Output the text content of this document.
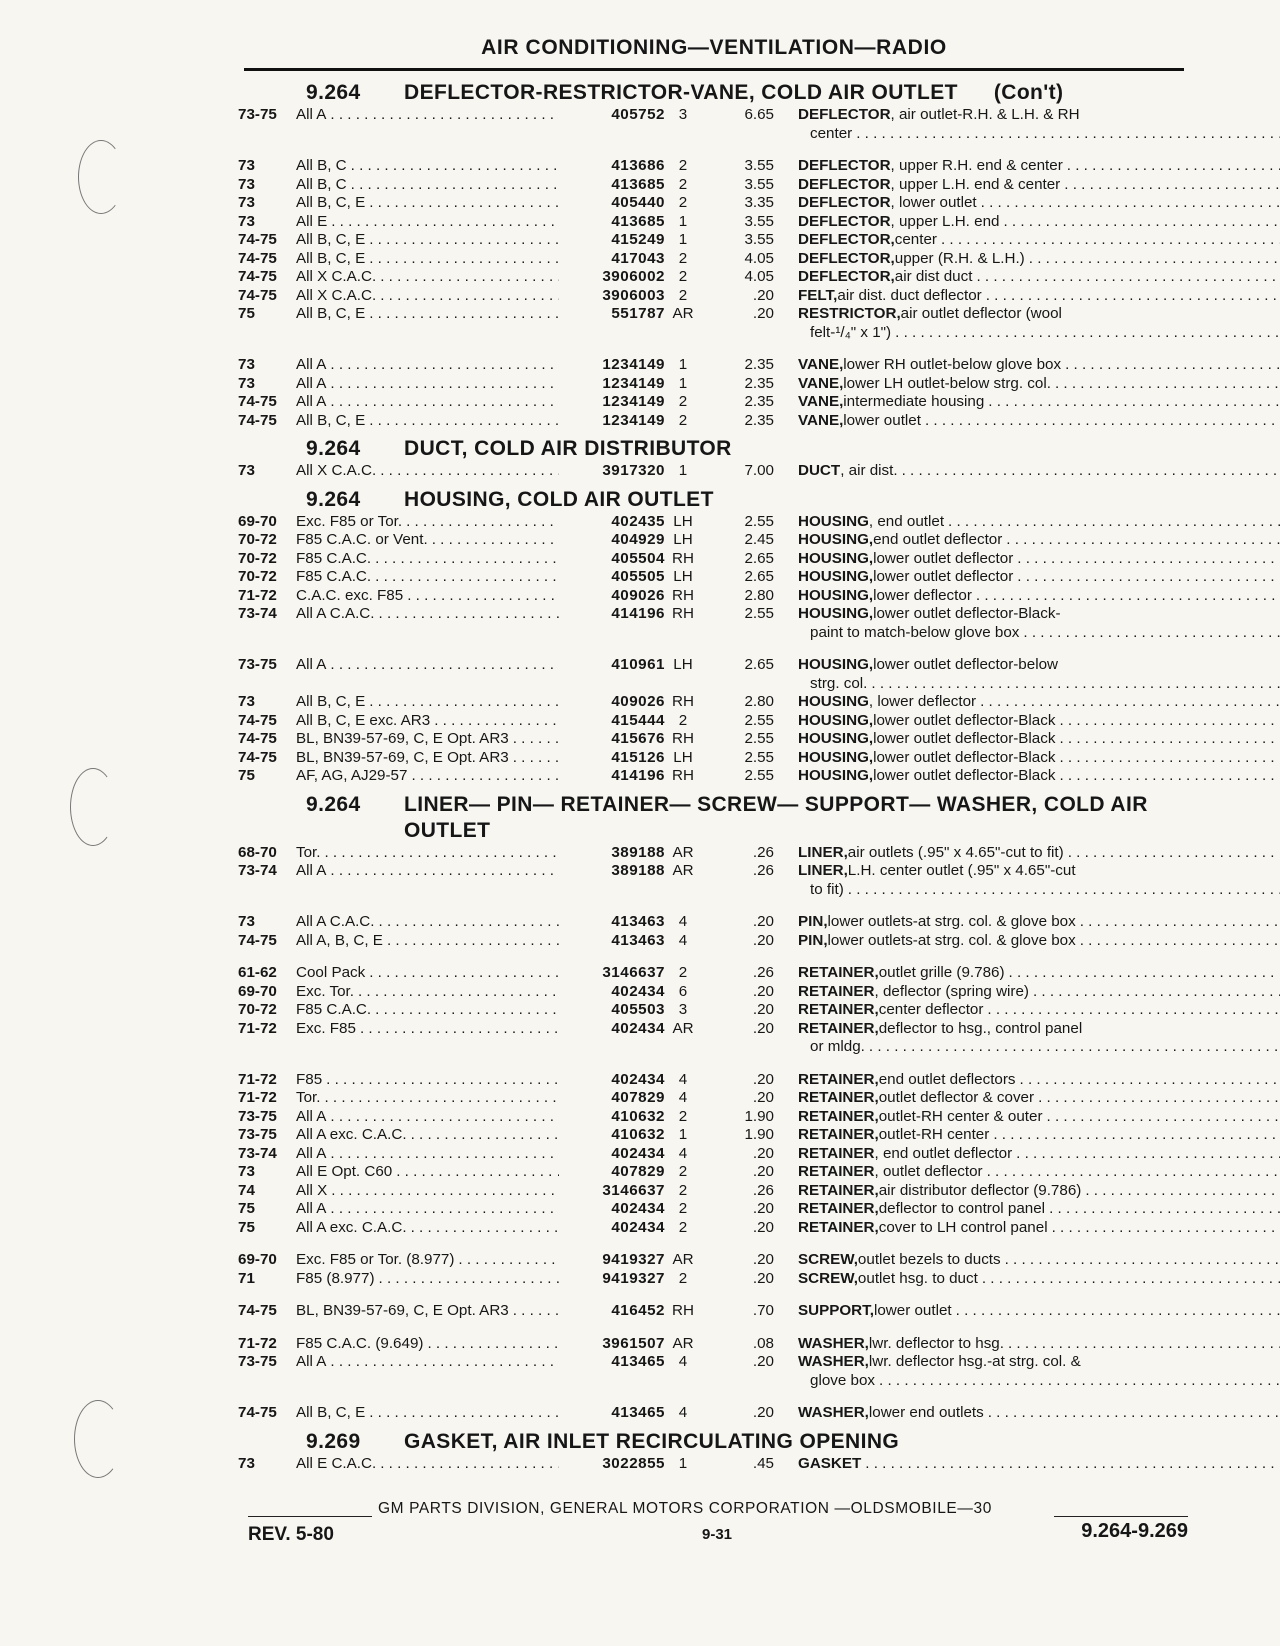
AIR CONDITIONING—VENTILATION—RADIO
9.264	DEFLECTOR-RESTRICTOR-VANE, COLD AIR OUTLET (Con't)
73-75	All A . . .	405752 3	6.65 DEFLECTOR , air outlet-R.H. & L.H. & RH
center
. . .
73	All B, C . . .	413686 2	3.55 DEFLECTOR , upper R.H. end & center
. . .
73	All B, C . . .	413685 2	3.55 DEFLECTOR , upper L.H. end & center
. . .
73	All B, C, E . . .	405440 2	3.35 DEFLECTOR , lower outlet
. . .
73	All E . . .	413685 1	3.55 DEFLECTOR , upper L.H. end
. . .
74-75	All B, C, E . . .	415249 1	3.55 DEFLECTOR, center
. . .
74-75	All B, C, E . . .	417043 2	4.05 DEFLECTOR, upper (R.H. & L.H.)
. . .
74-75	All X C.A.C. . . .	3906002 2	4.05 DEFLECTOR, air dist duct
. . .
74-75	All X C.A.C. . . .	3906003 2	.20 FELT, air dist. duct deflector
. . .
75	All B, C, E . . .	551787 AR	.20 RESTRICTOR, air outlet deflector (wool
felt-¹/₄" x 1")
. . .
73	All A . . .	1234149 1	2.35 VANE, lower RH outlet-below glove box
. . .
73	All A . . .	1234149 1	2.35 VANE, lower LH outlet-below strg. col.
. . .
74-75	All A . . .	1234149 2	2.35 VANE, intermediate housing
. . .
74-75	All B, C, E . . .	1234149 2	2.35 VANE, lower outlet
. . .
9.264	DUCT, COLD AIR DISTRIBUTOR
73	All X C.A.C. . . .	3917320 1	7.00 DUCT , air dist.
. . .
9.264	HOUSING, COLD AIR OUTLET
69-70	Exc. F85 or Tor. . . .	402435 LH	2.55 HOUSING , end outlet
. . .
70-72	F85 C.A.C. or Vent. . . .	404929 LH	2.45 HOUSING, end outlet deflector
. . .
70-72	F85 C.A.C. . . .	405504 RH	2.65 HOUSING, lower outlet deflector
. . .
70-72	F85 C.A.C. . . .	405505 LH	2.65 HOUSING, lower outlet deflector
. . .
71-72	C.A.C. exc. F85 . . .	409026 RH	2.80 HOUSING, lower deflector
. . .
73-74	All A C.A.C. . . .	414196 RH	2.55 HOUSING, lower outlet deflector-Black-
paint to match-below glove box
. . .
73-75	All A . . .	410961 LH	2.65 HOUSING, lower outlet deflector-below
strg. col.
. . .
73	All B, C, E . . .	409026 RH	2.80 HOUSING , lower deflector
. . .
74-75	All B, C, E exc. AR3 . . .	415444 2	2.55 HOUSING, lower outlet deflector-Black
. . .
74-75	BL, BN39-57-69, C, E Opt. AR3 . . .	415676 RH	2.55 HOUSING, lower outlet deflector-Black
. . .
74-75	BL, BN39-57-69, C, E Opt. AR3 . . .	415126 LH	2.55 HOUSING, lower outlet deflector-Black
. . .
75	AF, AG, AJ29-57 . . .	414196 RH	2.55 HOUSING, lower outlet deflector-Black
. . .
9.264	LINER— PIN— RETAINER— SCREW— SUPPORT— WASHER, COLD AIR OUTLET
68-70	Tor. . . .	389188 AR	.26 LINER, air outlets (.95" x 4.65"-cut to fit)
. . .
73-74	All A . . .	389188 AR	.26 LINER, L.H. center outlet (.95" x 4.65"-cut
to fit)
. . .
73	All A C.A.C. . . .	413463 4	.20 PIN, lower outlets-at strg. col. & glove box
. . .
74-75	All A, B, C, E . . .	413463 4	.20 PIN, lower outlets-at strg. col. & glove box
. . .
61-62	Cool Pack . . .	3146637 2	.26 RETAINER, outlet grille (9.786)
. . .
69-70	Exc. Tor. . . .	402434 6	.20 RETAINER , deflector (spring wire)
. . .
70-72	F85 C.A.C. . . .	405503 3	.20 RETAINER, center deflector
. . .
71-72	Exc. F85 . . .	402434 AR	.20 RETAINER, deflector to hsg., control panel
or mldg.
. . .
71-72	F85 . . .	402434 4	.20 RETAINER, end outlet deflectors
. . .
71-72	Tor. . . .	407829 4	.20 RETAINER, outlet deflector & cover
. . .
73-75	All A . . .	410632 2	1.90 RETAINER, outlet-RH center & outer
. . .
73-75	All A exc. C.A.C. . . .	410632 1	1.90 RETAINER, outlet-RH center
. . .
73-74	All A . . .	402434 4	.20 RETAINER , end outlet deflector
. . .
73	All E Opt. C60 . . .	407829 2	.20 RETAINER , outlet deflector
. . .
74	All X . . .	3146637 2	.26 RETAINER, air distributor deflector (9.786)
. . .
75	All A . . .	402434 2	.20 RETAINER, deflector to control panel
. . .
75	All A exc. C.A.C. . . .	402434 2	.20 RETAINER, cover to LH control panel
. . .
69-70	Exc. F85 or Tor. (8.977) . . .	9419327 AR	.20 SCREW, outlet bezels to ducts
. . .
71	F85 (8.977) . . .	9419327 2	.20 SCREW, outlet hsg. to duct
. . .
74-75	BL, BN39-57-69, C, E Opt. AR3 . . .	416452 RH	.70 SUPPORT, lower outlet
. . .
71-72	F85 C.A.C. (9.649) . . .	3961507 AR	.08 WASHER, lwr. deflector to hsg.
. . .
73-75	All A . . .	413465 4	.20 WASHER, lwr. deflector hsg.-at strg. col. &
glove box
. . .
74-75	All B, C, E . . .	413465 4	.20 WASHER, lower end outlets
. . .
9.269	GASKET, AIR INLET RECIRCULATING OPENING
73	All E C.A.C. . . .	3022855 1	.45 GASKET
. . .
GM PARTS DIVISION, GENERAL MOTORS CORPORATION —OLDSMOBILE—30
REV. 5-80	9-31	9.264-9.269
